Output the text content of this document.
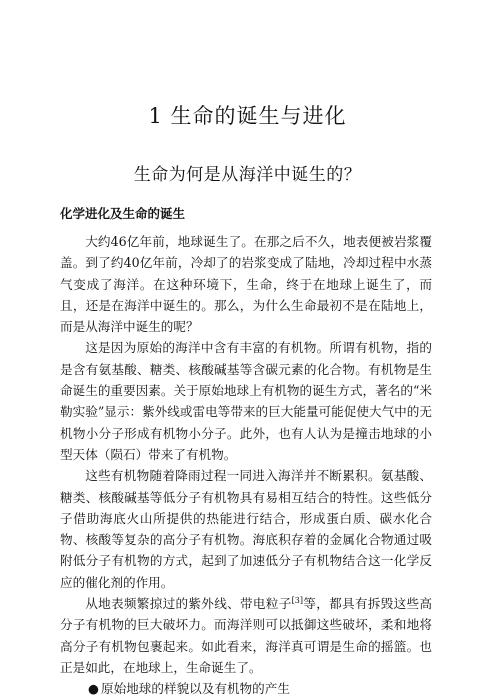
1 生命的诞生与进化
生命为何是从海洋中诞生的？
化学进化及生命的诞生

大约46亿年前，地球诞生了。在那之后不久，地表便被岩浆覆盖。到了约40亿年前，冷却了的岩浆变成了陆地，冷却过程中水蒸气变成了海洋。在这种环境下，生命，终于在地球上诞生了，而且，还是在海洋中诞生的。那么，为什么生命最初不是在陆地上，而是从海洋中诞生的呢？

这是因为原始的海洋中含有丰富的有机物。所谓有机物，指的是含有氨基酸、糖类、核酸碱基等含碳元素的化合物。有机物是生命诞生的重要因素。关于原始地球上有机物的诞生方式，著名的“米勒实验”显示：紫外线或雷电等带来的巨大能量可能促使大气中的无机物小分子形成有机物小分子。此外，也有人认为是撞击地球的小型天体（陨石）带来了有机物。

这些有机物随着降雨过程一同进入海洋并不断累积。氨基酸、糖类、核酸碱基等低分子有机物具有易相互结合的特性。这些低分子借助海底火山所提供的热能进行结合，形成蛋白质、碳水化合物、核酸等复杂的高分子有机物。海底积存着的金属化合物通过吸附低分子有机物的方式，起到了加速低分子有机物结合这一化学反应的催化剂的作用。

从地表频繁掠过的紫外线、带电粒子[3]等，都具有拆毁这些高分子有机物的巨大破坏力。而海洋则可以抵御这些破坏，柔和地将高分子有机物包裹起来。如此看来，海洋真可谓是生命的摇篮。也正是如此，在地球上，生命诞生了。

● 原始地球的样貌以及有机物的产生
